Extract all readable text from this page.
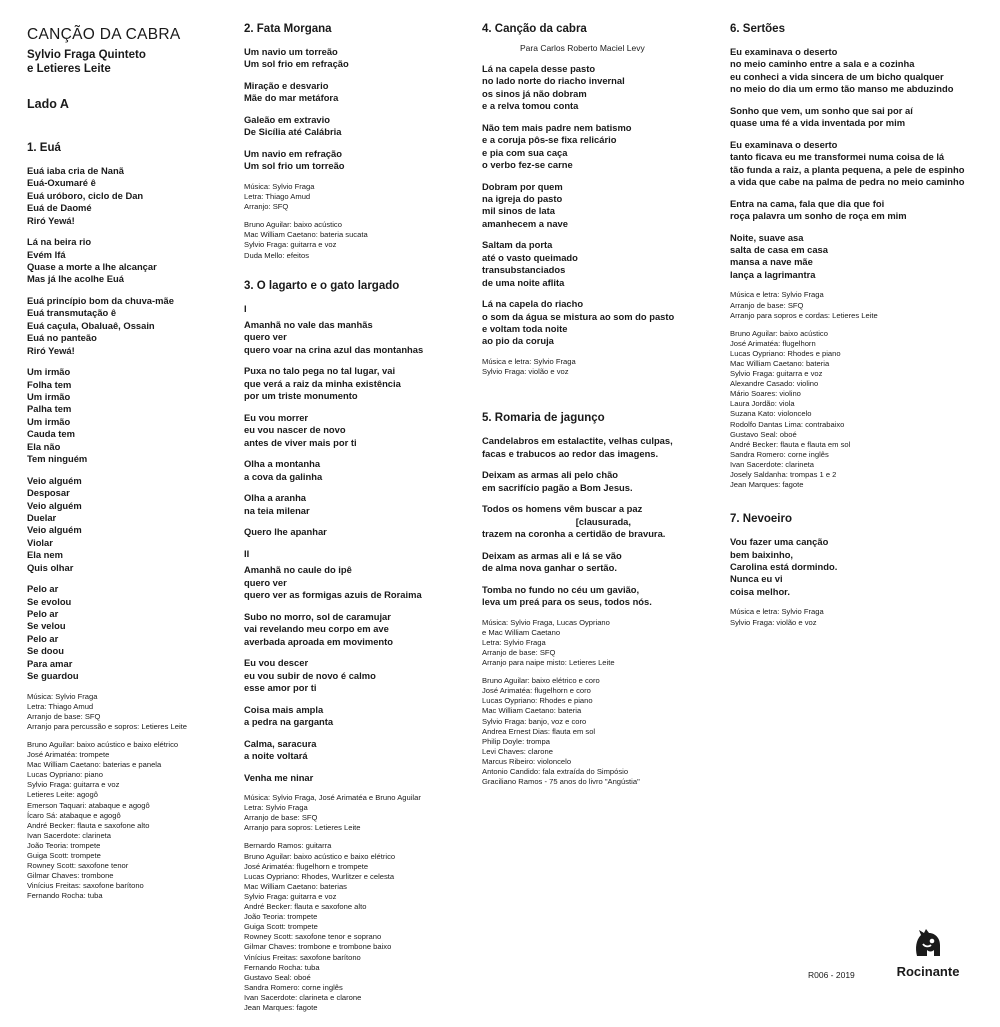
CANÇÃO DA CABRA
Sylvio Fraga Quinteto
e Letieres Leite
Lado A
1. Euá
Euá iaba cria de Nanã
Euá-Oxumaré ê
Euá uróboro, ciclo de Dan
Euá de Daomé
Riró Yewá!
Lá na beira rio
Evém Ifá
Quase a morte a lhe alcançar
Mas já lhe acolhe Euá
Euá princípio bom da chuva-mãe
Euá transmutação ê
Euá caçula, Obaluaê, Ossain
Euá no panteão
Riró Yewá!
Um irmão
Folha tem
Um irmão
Palha tem
Um irmão
Cauda tem
Ela não
Tem ninguém
Veio alguém
Desposar
Veio alguém
Duelar
Veio alguém
Violar
Ela nem
Quis olhar
Pelo ar
Se evolou
Pelo ar
Se velou
Pelo ar
Se doou
Para amar
Se guardou
Música: Sylvio Fraga
Letra: Thiago Amud
Arranjo de base: SFQ
Arranjo para percussão e sopros: Letieres Leite
Bruno Aguilar: baixo acústico e baixo elétrico
José Arimatéa: trompete
Mac William Caetano: baterias e panela
Lucas Oypriano: piano
Sylvio Fraga: guitarra e voz
Letieres Leite: agogô
Emerson Taquari: atabaque e agogô
Ícaro Sá: atabaque e agogô
André Becker: flauta e saxofone alto
Ivan Sacerdote: clarineta
João Teoria: trompete
Guiga Scott: trompete
Rowney Scott: saxofone tenor
Gilmar Chaves: trombone
Vinícius Freitas: saxofone barítono
Fernando Rocha: tuba
2. Fata Morgana
Um navio um torreão
Um sol frio em refração
Miração e desvario
Mãe do mar metáfora
Galeão em extravio
De Sicília até Calábria
Um navio em refração
Um sol frio um torreão
Música: Sylvio Fraga
Letra: Thiago Amud
Arranjo: SFQ
Bruno Aguilar: baixo acústico
Mac William Caetano: bateria sucata
Sylvio Fraga: guitarra e voz
Duda Mello: efeitos
3. O lagarto e o gato largado
I
Amanhã no vale das manhãs
quero ver
quero voar na crina azul das montanhas
Puxa no talo pega no tal lugar, vai
que verá a raiz da minha existência
por um triste monumento
Eu vou morrer
eu vou nascer de novo
antes de viver mais por ti
Olha a montanha
a cova da galinha
Olha a aranha
na teia milenar
Quero lhe apanhar
II
Amanhã no caule do ipê
quero ver
quero ver as formigas azuis de Roraima
Subo no morro, sol de caramujar
vai revelando meu corpo em ave
averbada aproada em movimento
Eu vou descer
eu vou subir de novo é calmo
esse amor por ti
Coisa mais ampla
a pedra na garganta
Calma, saracura
a noite voltará
Venha me ninar
Música: Sylvio Fraga, José Arimatéa e Bruno Aguilar
Letra: Sylvio Fraga
Arranjo de base: SFQ
Arranjo para sopros: Letieres Leite
Bernardo Ramos: guitarra
Bruno Aguilar: baixo acústico e baixo elétrico
José Arimatéa: flugelhorn e trompete
Lucas Oypriano: Rhodes, Wurlitzer e celesta
Mac William Caetano: baterias
Sylvio Fraga: guitarra e voz
André Becker: flauta e saxofone alto
João Teoria: trompete
Guiga Scott: trompete
Rowney Scott: saxofone tenor e soprano
Gilmar Chaves: trombone e trombone baixo
Vinícius Freitas: saxofone barítono
Fernando Rocha: tuba
Gustavo Seal: oboé
Sandra Romero: corne inglês
Ivan Sacerdote: clarineta e clarone
Jean Marques: fagote
4. Canção da cabra
Para Carlos Roberto Maciel Levy
Lá na capela desse pasto
no lado norte do riacho invernal
os sinos já não dobram
e a relva tomou conta
Não tem mais padre nem batismo
e a coruja pôs-se fixa relicário
e pia com sua caça
o verbo fez-se carne
Dobram por quem
na igreja do pasto
mil sinos de lata
amanhecem a nave
Saltam da porta
até o vasto queimado
transubstanciados
de uma noite aflita
Lá na capela do riacho
o som da água se mistura ao som do pasto
e voltam toda noite
ao pio da coruja
Música e letra: Sylvio Fraga
Sylvio Fraga: violão e voz
5. Romaria de jagunço
Candelabros em estalactite, velhas culpas,
facas e trabucos ao redor das imagens.
Deixam as armas ali pelo chão
em sacrifício pagão a Bom Jesus.
Todos os homens vêm buscar a paz
[clausurada,
trazem na coronha a certidão de bravura.
Deixam as armas ali e lá se vão
de alma nova ganhar o sertão.
Tomba no fundo no céu um gavião,
leva um preá para os seus, todos nós.
Música: Sylvio Fraga, Lucas Oypriano
e Mac William Caetano
Letra: Sylvio Fraga
Arranjo de base: SFQ
Arranjo para naipe misto: Letieres Leite
Bruno Aguilar: baixo elétrico e coro
José Arimatéa: flugelhorn e coro
Lucas Oypriano: Rhodes e piano
Mac William Caetano: bateria
Sylvio Fraga: banjo, voz e coro
Andrea Ernest Dias: flauta em sol
Philip Doyle: trompa
Levi Chaves: clarone
Marcus Ribeiro: violoncelo
Antonio Candido: fala extraída do Simpósio
Graciliano Ramos - 75 anos do livro "Angústia"
6. Sertões
Eu examinava o deserto
no meio caminho entre a sala e a cozinha
eu conheci a vida sincera de um bicho qualquer
no meio do dia um ermo tão manso me abduzindo
Sonho que vem, um sonho que sai por aí
quase uma fé a vida inventada por mim
Eu examinava o deserto
tanto ficava eu me transformei numa coisa de lá
tão funda a raiz, a planta pequena, a pele de espinho
a vida que cabe na palma de pedra no meio caminho
Entra na cama, fala que dia que foi
roça palavra um sonho de roça em mim
Noite, suave asa
salta de casa em casa
mansa a nave mãe
lança a lagrimantra
Música e letra: Sylvio Fraga
Arranjo de base: SFQ
Arranjo para sopros e cordas: Letieres Leite
Bruno Aguilar: baixo acústico
José Arimatéa: flugelhorn
Lucas Oypriano: Rhodes e piano
Mac William Caetano: bateria
Sylvio Fraga: guitarra e voz
Alexandre Casado: violino
Mário Soares: violino
Laura Jordão: viola
Suzana Kato: violoncelo
Rodolfo Dantas Lima: contrabaixo
Gustavo Seal: oboé
André Becker: flauta e flauta em sol
Sandra Romero: corne inglês
Ivan Sacerdote: clarineta
Josely Saldanha: trompas 1 e 2
Jean Marques: fagote
7. Nevoeiro
Vou fazer uma canção
bem baixinho,
Carolina está dormindo.
Nunca eu vi
coisa melhor.
Música e letra: Sylvio Fraga
Sylvio Fraga: violão e voz
R006 - 2019	Rocinante
